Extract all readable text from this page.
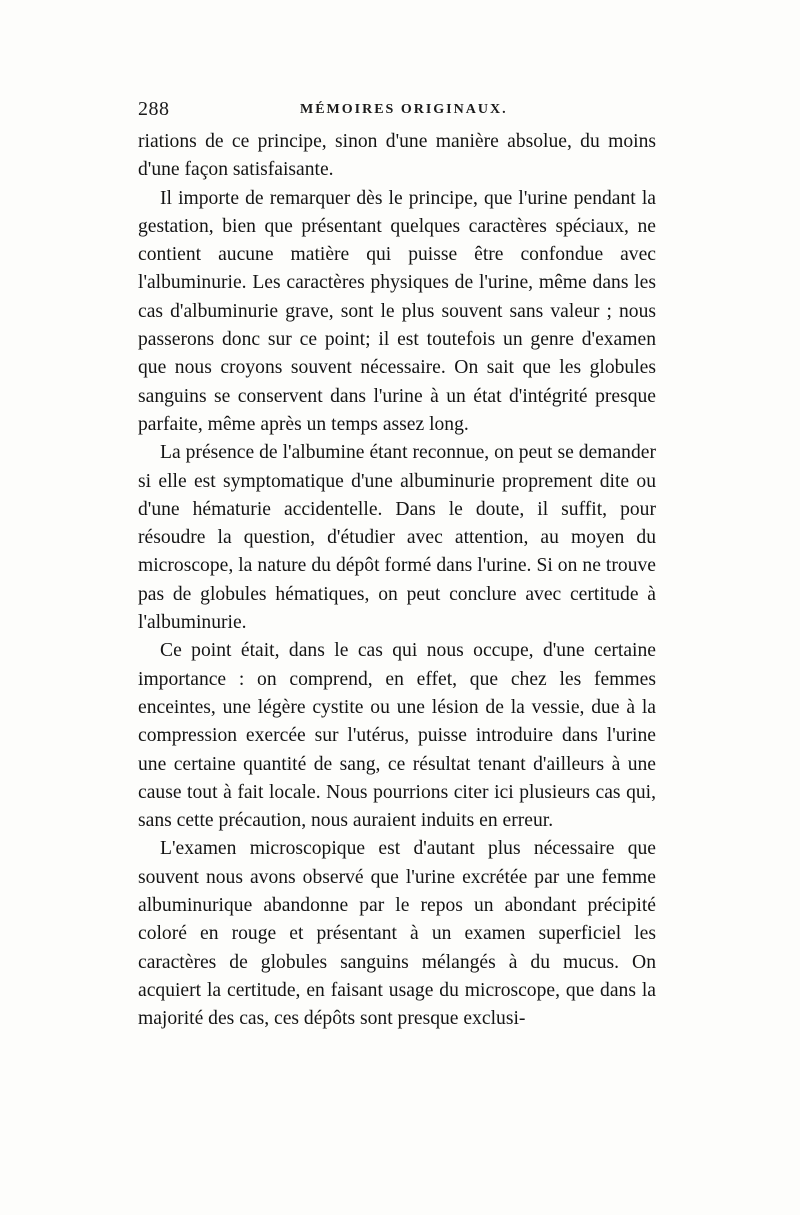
288	MÉMOIRES ORIGINAUX.

riations de ce principe, sinon d'une manière absolue, du moins d'une façon satisfaisante.

Il importe de remarquer dès le principe, que l'urine pendant la gestation, bien que présentant quelques caractères spéciaux, ne contient aucune matière qui puisse être confondue avec l'albuminurie. Les caractères physiques de l'urine, même dans les cas d'albuminurie grave, sont le plus souvent sans valeur ; nous passerons donc sur ce point; il est toutefois un genre d'examen que nous croyons souvent nécessaire. On sait que les globules sanguins se conservent dans l'urine à un état d'intégrité presque parfaite, même après un temps assez long.

La présence de l'albumine étant reconnue, on peut se demander si elle est symptomatique d'une albuminurie proprement dite ou d'une hématurie accidentelle. Dans le doute, il suffit, pour résoudre la question, d'étudier avec attention, au moyen du microscope, la nature du dépôt formé dans l'urine. Si on ne trouve pas de globules hématiques, on peut conclure avec certitude à l'albuminurie.

Ce point était, dans le cas qui nous occupe, d'une certaine importance : on comprend, en effet, que chez les femmes enceintes, une légère cystite ou une lésion de la vessie, due à la compression exercée sur l'utérus, puisse introduire dans l'urine une certaine quantité de sang, ce résultat tenant d'ailleurs à une cause tout à fait locale. Nous pourrions citer ici plusieurs cas qui, sans cette précaution, nous auraient induits en erreur.

L'examen microscopique est d'autant plus nécessaire que souvent nous avons observé que l'urine excrétée par une femme albuminurique abandonne par le repos un abondant précipité coloré en rouge et présentant à un examen superficiel les caractères de globules sanguins mélangés à du mucus. On acquiert la certitude, en faisant usage du microscope, que dans la majorité des cas, ces dépôts sont presque exclusi-
